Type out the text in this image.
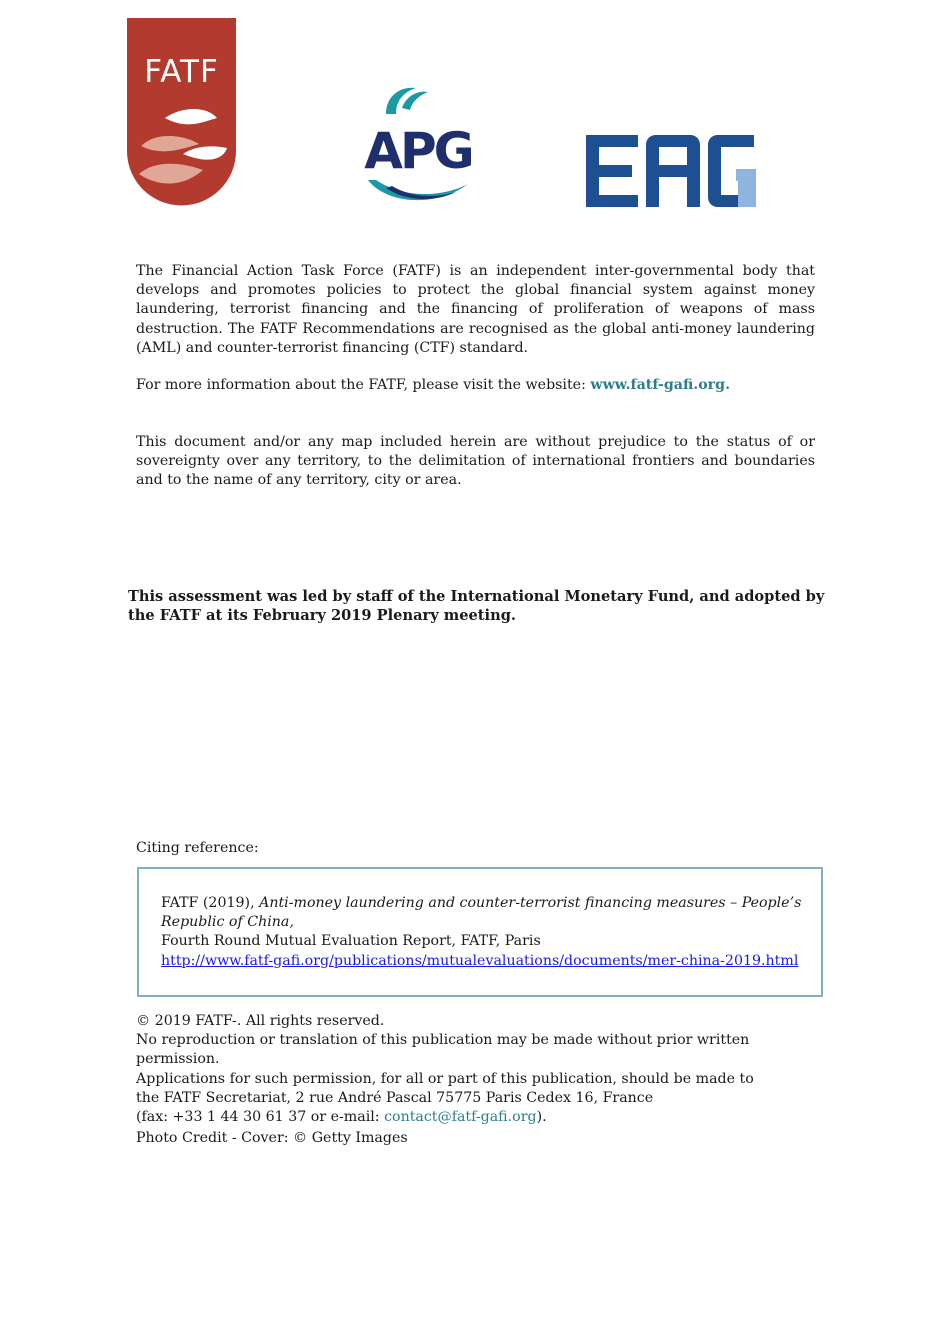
FATF
APG

The Financial Action Task Force (FATF) is an independent inter-governmental body that develops and promotes policies to protect the global financial system against money laundering, terrorist financing and the financing of proliferation of weapons of mass destruction. The FATF Recommendations are recognised as the global anti-money laundering (AML) and counter-terrorist financing (CTF) standard.

For more information about the FATF, please visit the website: www.fatf-gafi.org.

This document and/or any map included herein are without prejudice to the status of or sovereignty over any territory, to the delimitation of international frontiers and boundaries and to the name of any territory, city or area.

This assessment was led by staff of the International Monetary Fund, and adopted by the FATF at its February 2019 Plenary meeting.

Citing reference:

FATF (2019), Anti-money laundering and counter-terrorist financing measures – People’s Republic of China,
Fourth Round Mutual Evaluation Report, FATF, Paris
http://www.fatf-gafi.org/publications/mutualevaluations/documents/mer-china-2019.html

© 2019 FATF-. All rights reserved.
No reproduction or translation of this publication may be made without prior written permission.
Applications for such permission, for all or part of this publication, should be made to
the FATF Secretariat, 2 rue André Pascal 75775 Paris Cedex 16, France
(fax: +33 1 44 30 61 37 or e-mail: contact@fatf-gafi.org).

Photo Credit - Cover: © Getty Images
